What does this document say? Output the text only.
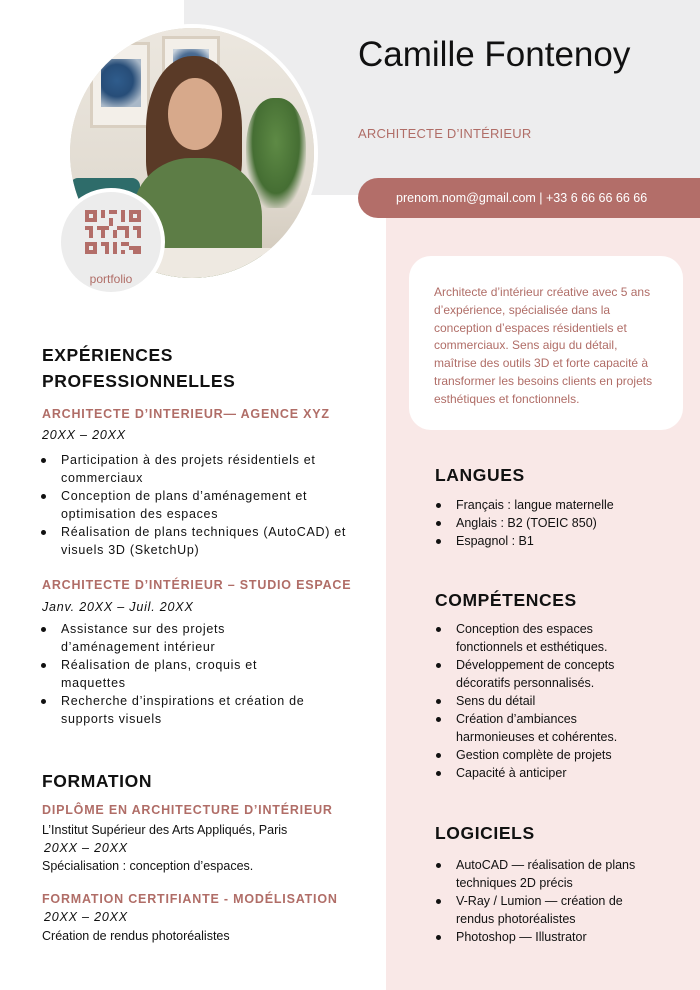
portfolio
Camille Fontenoy
ARCHITECTE D’INTÉRIEUR
prenom.nom@gmail.com | +33 6 66 66 66 66
Architecte d’intérieur créative avec 5 ans d’expérience, spécialisée dans la conception d’espaces résidentiels et commerciaux. Sens aigu du détail, maîtrise des outils 3D et forte capacité à transformer les besoins clients en projets esthétiques et fonctionnels.
EXPÉRIENCES
PROFESSIONNELLES
ARCHITECTE D’INTERIEUR— AGENCE XYZ
20XX – 20XX
Participation à des projets résidentiels et commerciaux
Conception de plans d’aménagement et optimisation des espaces
Réalisation de plans techniques (AutoCAD) et visuels 3D (SketchUp)
ARCHITECTE D’INTÉRIEUR – STUDIO ESPACE
Janv. 20XX – Juil. 20XX
Assistance sur des projets d’aménagement intérieur
Réalisation de plans, croquis et maquettes
Recherche d’inspirations et création de supports visuels
FORMATION
DIPLÔME EN ARCHITECTURE D’INTÉRIEUR
L’Institut Supérieur des Arts Appliqués, Paris
20XX – 20XX
Spécialisation : conception d’espaces.
FORMATION CERTIFIANTE - MODÉLISATION
20XX – 20XX
Création de rendus photoréalistes
LANGUES
Français : langue maternelle
Anglais : B2 (TOEIC 850)
Espagnol : B1
COMPÉTENCES
Conception des espaces fonctionnels et esthétiques.
Développement de concepts décoratifs personnalisés.
Sens du détail
Création d’ambiances harmonieuses et cohérentes.
Gestion complète de projets
Capacité à anticiper
LOGICIELS
AutoCAD — réalisation de plans techniques 2D précis
V-Ray / Lumion — création de rendus photoréalistes
Photoshop — Illustrator
